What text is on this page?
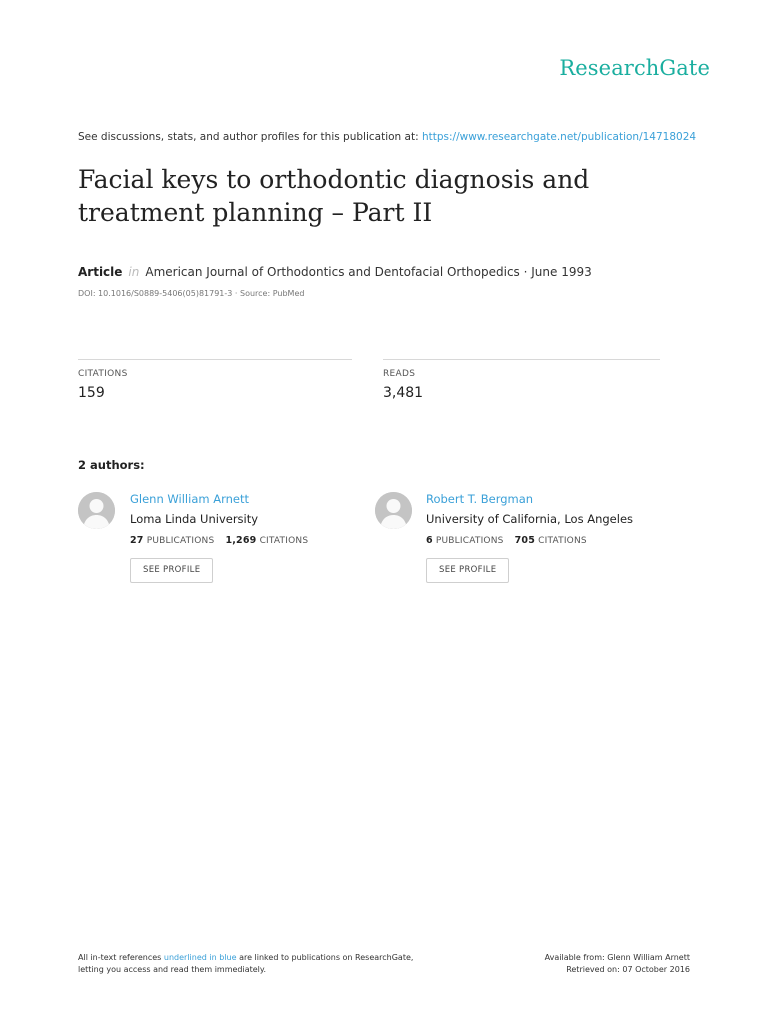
ResearchGate
See discussions, stats, and author profiles for this publication at: https://www.researchgate.net/publication/14718024
Facial keys to orthodontic diagnosis and treatment planning – Part II
Article in American Journal of Orthodontics and Dentofacial Orthopedics · June 1993
DOI: 10.1016/S0889-5406(05)81791-3 · Source: PubMed
CITATIONS
159
READS
3,481
2 authors:
Glenn William Arnett
Loma Linda University
27 PUBLICATIONS 1,269 CITATIONS
SEE PROFILE
Robert T. Bergman
University of California, Los Angeles
6 PUBLICATIONS 705 CITATIONS
SEE PROFILE
All in-text references underlined in blue are linked to publications on ResearchGate,
letting you access and read them immediately.
Available from: Glenn William Arnett
Retrieved on: 07 October 2016
